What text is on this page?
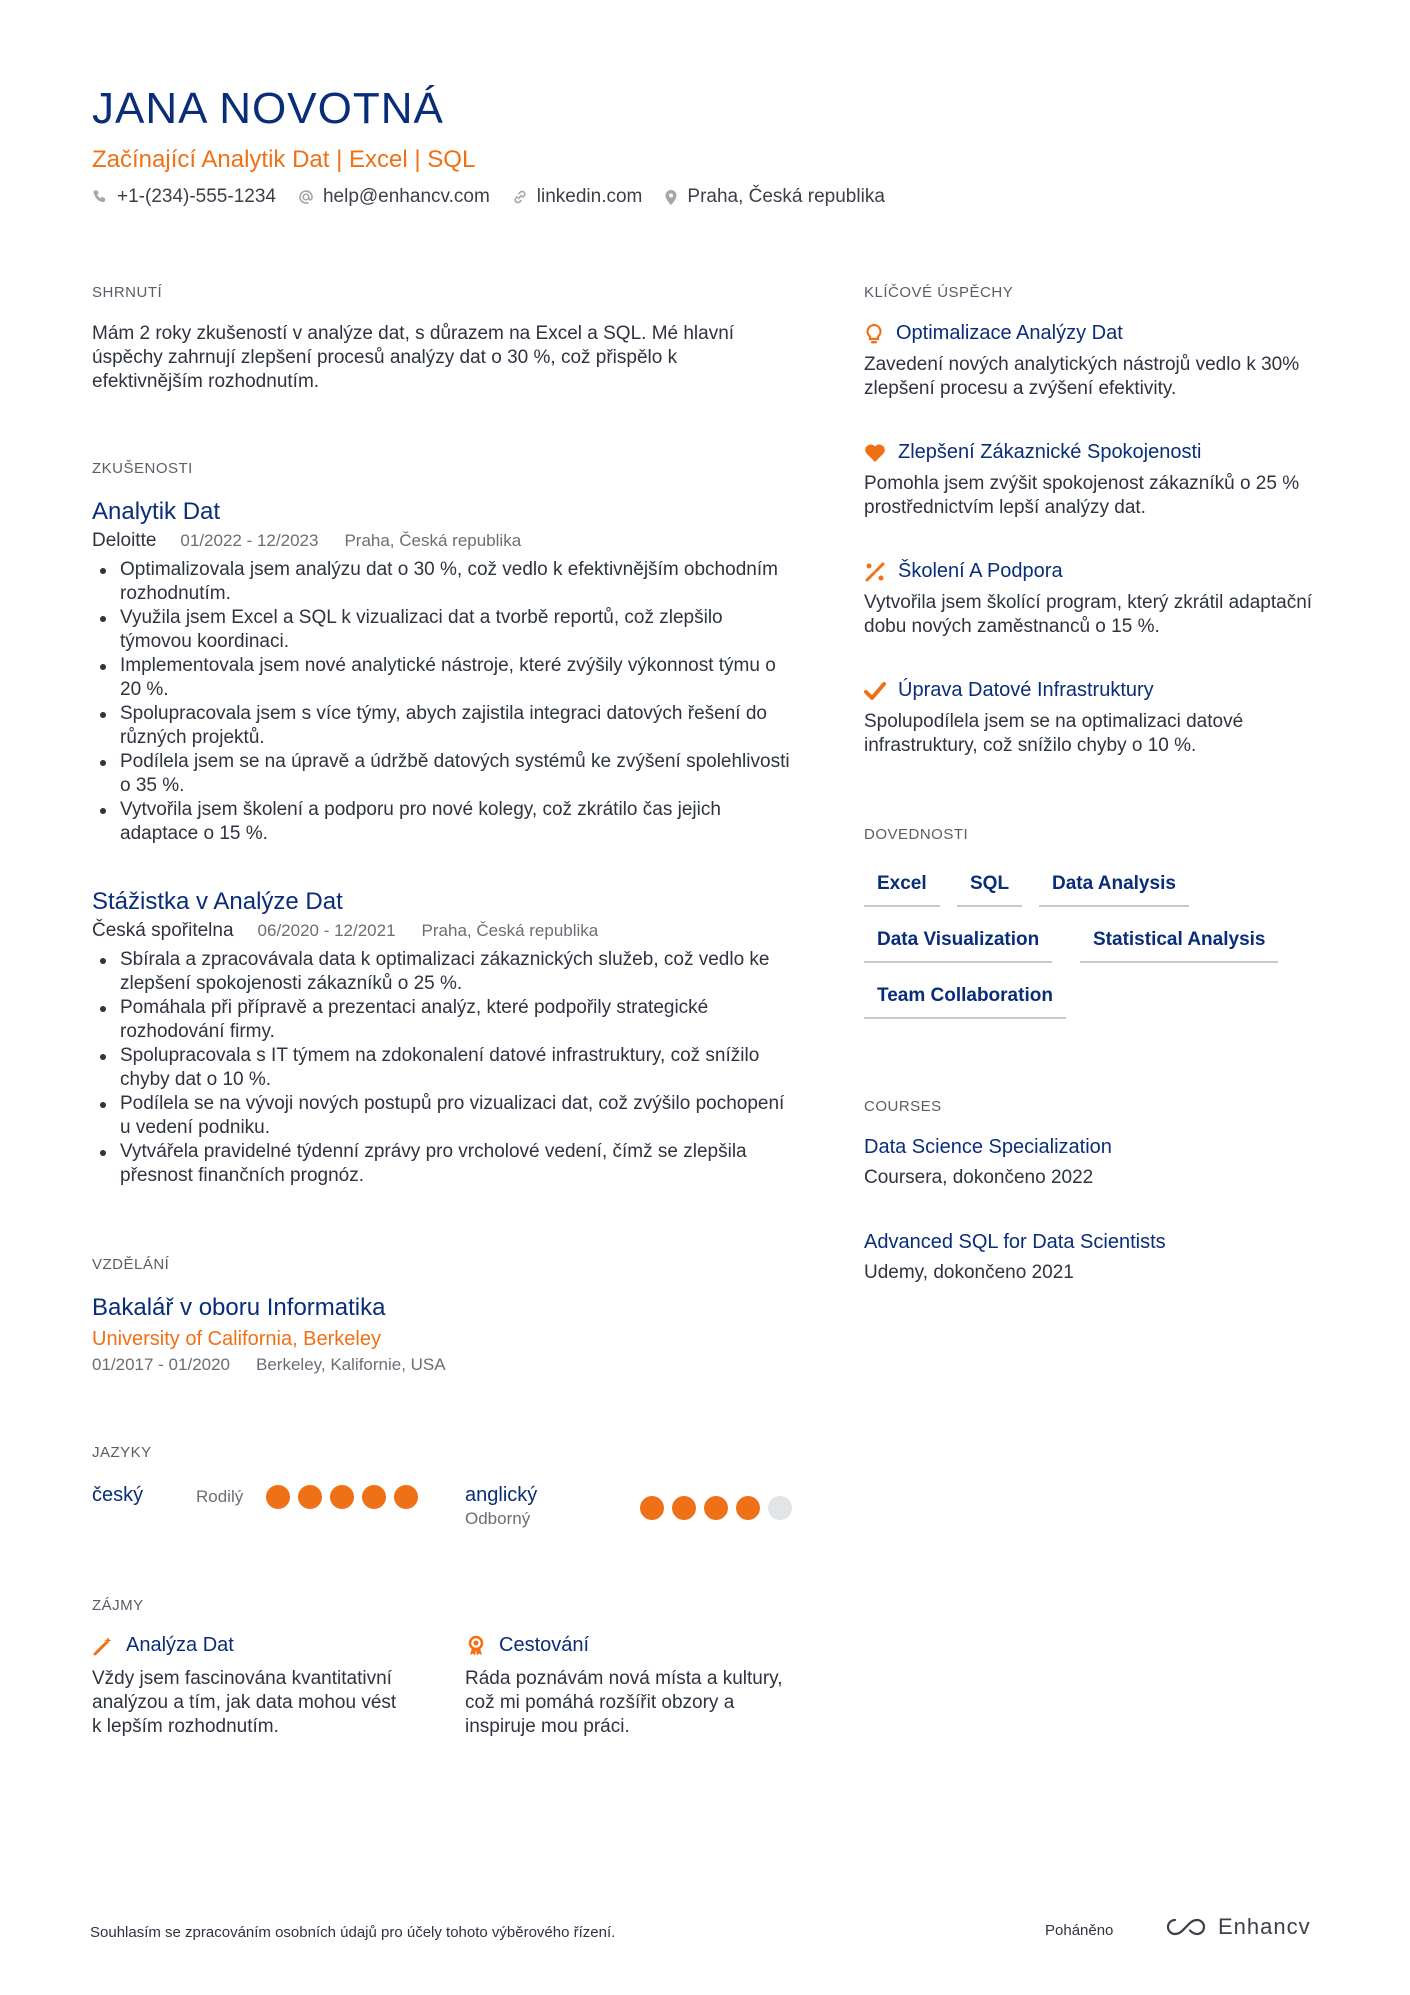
JANA NOVOTNÁ
Začínající Analytik Dat | Excel | SQL
+1-(234)-555-1234 help@enhancv.com linkedin.com Praha, Česká republika
SHRNUTÍ

Mám 2 roky zkušeností v analýze dat, s důrazem na Excel a SQL. Mé hlavní úspěchy zahrnují zlepšení procesů analýzy dat o 30 %, což přispělo k efektivnějším rozhodnutím.

ZKUŠENOSTI
Analytik Dat
Deloitte 01/2022 - 12/2023 Praha, Česká republika
Optimalizovala jsem analýzu dat o 30 %, což vedlo k efektivnějším obchodním rozhodnutím.
Využila jsem Excel a SQL k vizualizaci dat a tvorbě reportů, což zlepšilo týmovou koordinaci.
Implementovala jsem nové analytické nástroje, které zvýšily výkonnost týmu o 20 %.
Spolupracovala jsem s více týmy, abych zajistila integraci datových řešení do různých projektů.
Podílela jsem se na úpravě a údržbě datových systémů ke zvýšení spolehlivosti o 35 %.
Vytvořila jsem školení a podporu pro nové kolegy, což zkrátilo čas jejich adaptace o 15 %.
Stážistka v Analýze Dat
Česká spořitelna 06/2020 - 12/2021 Praha, Česká republika
Sbírala a zpracovávala data k optimalizaci zákaznických služeb, což vedlo ke zlepšení spokojenosti zákazníků o 25 %.
Pomáhala při přípravě a prezentaci analýz, které podpořily strategické rozhodování firmy.
Spolupracovala s IT týmem na zdokonalení datové infrastruktury, což snížilo chyby dat o 10 %.
Podílela se na vývoji nových postupů pro vizualizaci dat, což zvýšilo pochopení u vedení podniku.
Vytvářela pravidelné týdenní zprávy pro vrcholové vedení, čímž se zlepšila přesnost finančních prognóz.
VZDĚLÁNÍ
Bakalář v oboru Informatika
University of California, Berkeley
01/2017 - 01/2020 Berkeley, Kalifornie, USA
JAZYKY
český	Rodilý	anglický
Odborný
ZÁJMY
Analýza Dat

Vždy jsem fascinována kvantitativní analýzou a tím, jak data mohou vést k lepším rozhodnutím.

Cestování

Ráda poznávám nová místa a kultury, což mi pomáhá rozšířit obzory a inspiruje mou práci.

KLÍČOVÉ ÚSPĚCHY
Optimalizace Analýzy Dat

Zavedení nových analytických nástrojů vedlo k 30% zlepšení procesu a zvýšení efektivity.

Zlepšení Zákaznické Spokojenosti

Pomohla jsem zvýšit spokojenost zákazníků o 25 % prostřednictvím lepší analýzy dat.

Školení A Podpora

Vytvořila jsem školící program, který zkrátil adaptační dobu nových zaměstnanců o 15 %.

Úprava Datové Infrastruktury

Spolupodílela jsem se na optimalizaci datové infrastruktury, což snížilo chyby o 10 %.

DOVEDNOSTI
Excel	SQL	Data Analysis
Data Visualization	Statistical Analysis
Team Collaboration
COURSES
Data Science Specialization
Coursera, dokončeno 2022
Advanced SQL for Data Scientists
Udemy, dokončeno 2021
Souhlasím se zpracováním osobních údajů pro účely tohoto výběrového řízení.	Poháněno	Enhancv
